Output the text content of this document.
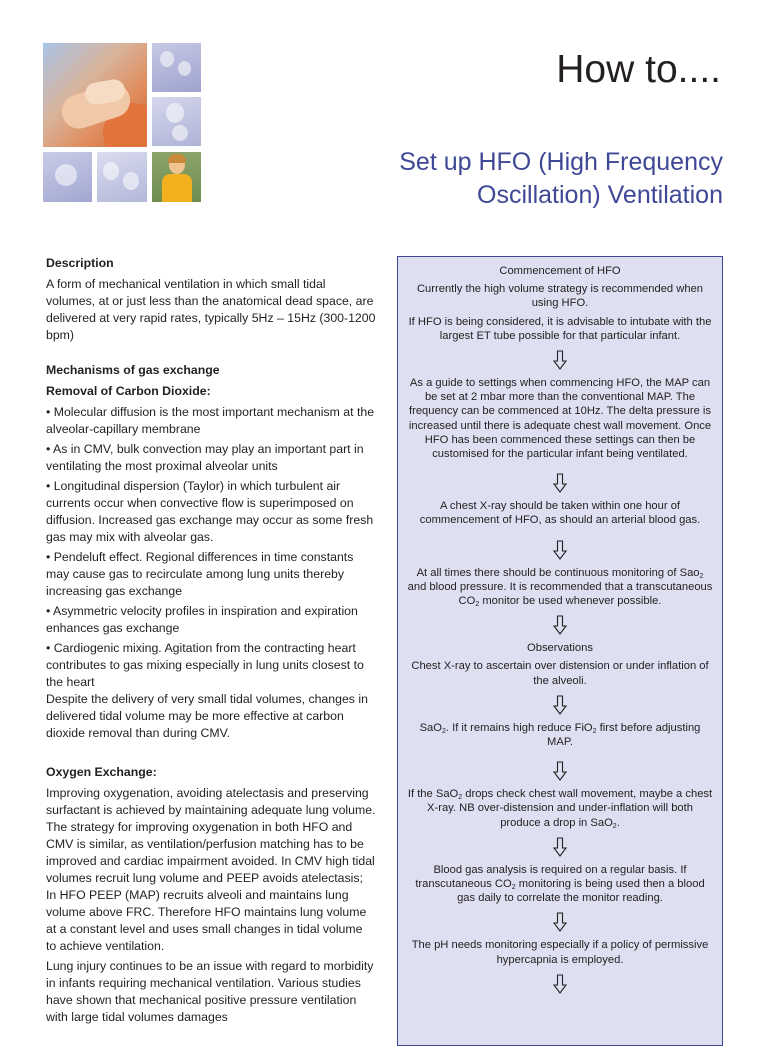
How to....
Set up HFO (High Frequency Oscillation) Ventilation
Description

A form of mechanical ventilation in which small tidal volumes, at or just less than the anatomical dead space, are delivered at very rapid rates, typically 5Hz – 15Hz (300-1200 bpm)

Mechanisms of gas exchange
Removal of Carbon Dioxide:

• Molecular diffusion is the most important mechanism at the alveolar-capillary membrane

• As in CMV, bulk convection may play an important part in ventilating the most proximal alveolar units

• Longitudinal dispersion (Taylor) in which turbulent air currents occur when convective flow is superimposed on diffusion. Increased gas exchange may occur as some fresh gas may mix with alveolar gas.

• Pendeluft effect. Regional differences in time constants may cause gas to recirculate among lung units thereby increasing gas exchange

• Asymmetric velocity profiles in inspiration and expiration enhances gas exchange

• Cardiogenic mixing. Agitation from the contracting heart contributes to gas mixing especially in lung units closest to the heart

Despite the delivery of very small tidal volumes, changes in delivered tidal volume may be more effective at carbon dioxide removal than during CMV.

Oxygen Exchange:

Improving oxygenation, avoiding atelectasis and preserving surfactant is achieved by maintaining adequate lung volume. The strategy for improving oxygenation in both HFO and CMV is similar, as ventilation/perfusion matching has to be improved and cardiac impairment avoided. In CMV high tidal volumes recruit lung volume and PEEP avoids atelectasis; In HFO PEEP (MAP) recruits alveoli and maintains lung volume above FRC. Therefore HFO maintains lung volume at a constant level and uses small changes in tidal volume to achieve ventilation.

Lung injury continues to be an issue with regard to morbidity in infants requiring mechanical ventilation. Various studies have shown that mechanical positive pressure ventilation with large tidal volumes damages

Commencement of HFO

Currently the high volume strategy is recommended when using HFO.

If HFO is being considered, it is advisable to intubate with the largest ET tube possible for that particular infant.

As a guide to settings when commencing HFO, the MAP can be set at 2 mbar more than the conventional MAP. The frequency can be commenced at 10Hz. The delta pressure is increased until there is adequate chest wall movement. Once HFO has been commenced these settings can then be customised for the particular infant being ventilated.

A chest X-ray should be taken within one hour of commencement of HFO, as should an arterial blood gas.

At all times there should be continuous monitoring of Sao$_2$ and blood pressure. It is recommended that a transcutaneous $CO_2$ monitor be used whenever possible.

Observations

Chest X-ray to ascertain over distension or under inflation of the alveoli.

SaO$_2$. If it remains high reduce FiO$_2$ first before adjusting MAP.

If the SaO$_2$ drops check chest wall movement, maybe a chest X-ray. NB over-distension and under-inflation will both produce a drop in SaO$_2$.

Blood gas analysis is required on a regular basis. If transcutaneous $CO_2$ monitoring is being used then a blood gas daily to correlate the monitor reading.

The pH needs monitoring especially if a policy of permissive hypercapnia is employed.
